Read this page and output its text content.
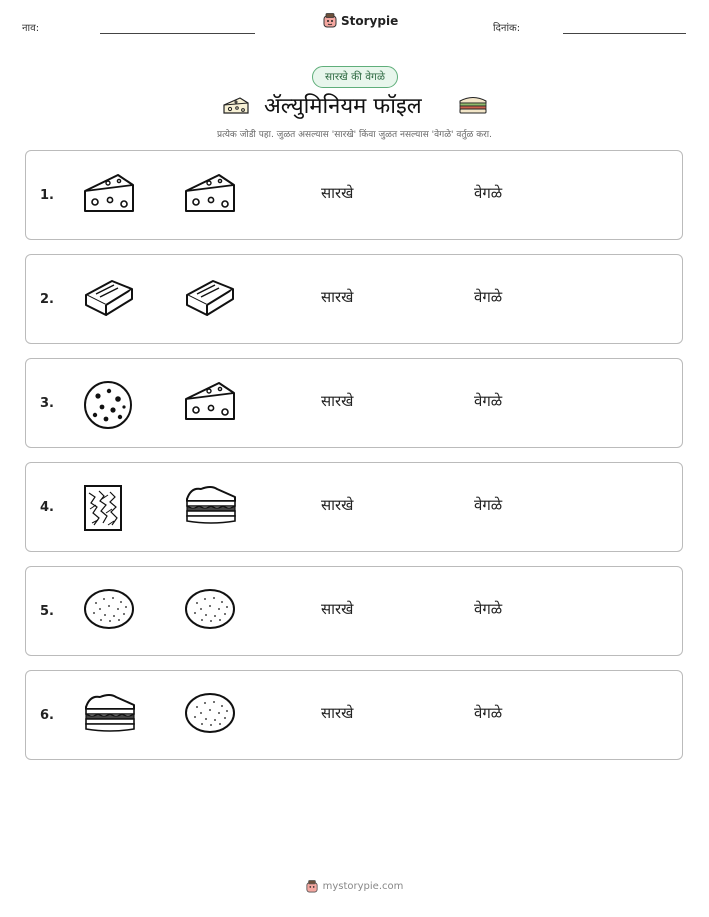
नाव:
Storypie
दिनांक:
सारखे की वेगळे
ॲल्युमिनियम फॉइल
प्रत्येक जोडी पहा. जुळत असल्यास 'सारखे' किंवा जुळत नसल्यास 'वेगळे' वर्तुळ करा.
1.	सारखे	वेगळे
2.	सारखे	वेगळे
3.	सारखे	वेगळे
4.	सारखे	वेगळे
5.	सारखे	वेगळे
6.	सारखे	वेगळे
mystorypie.com
